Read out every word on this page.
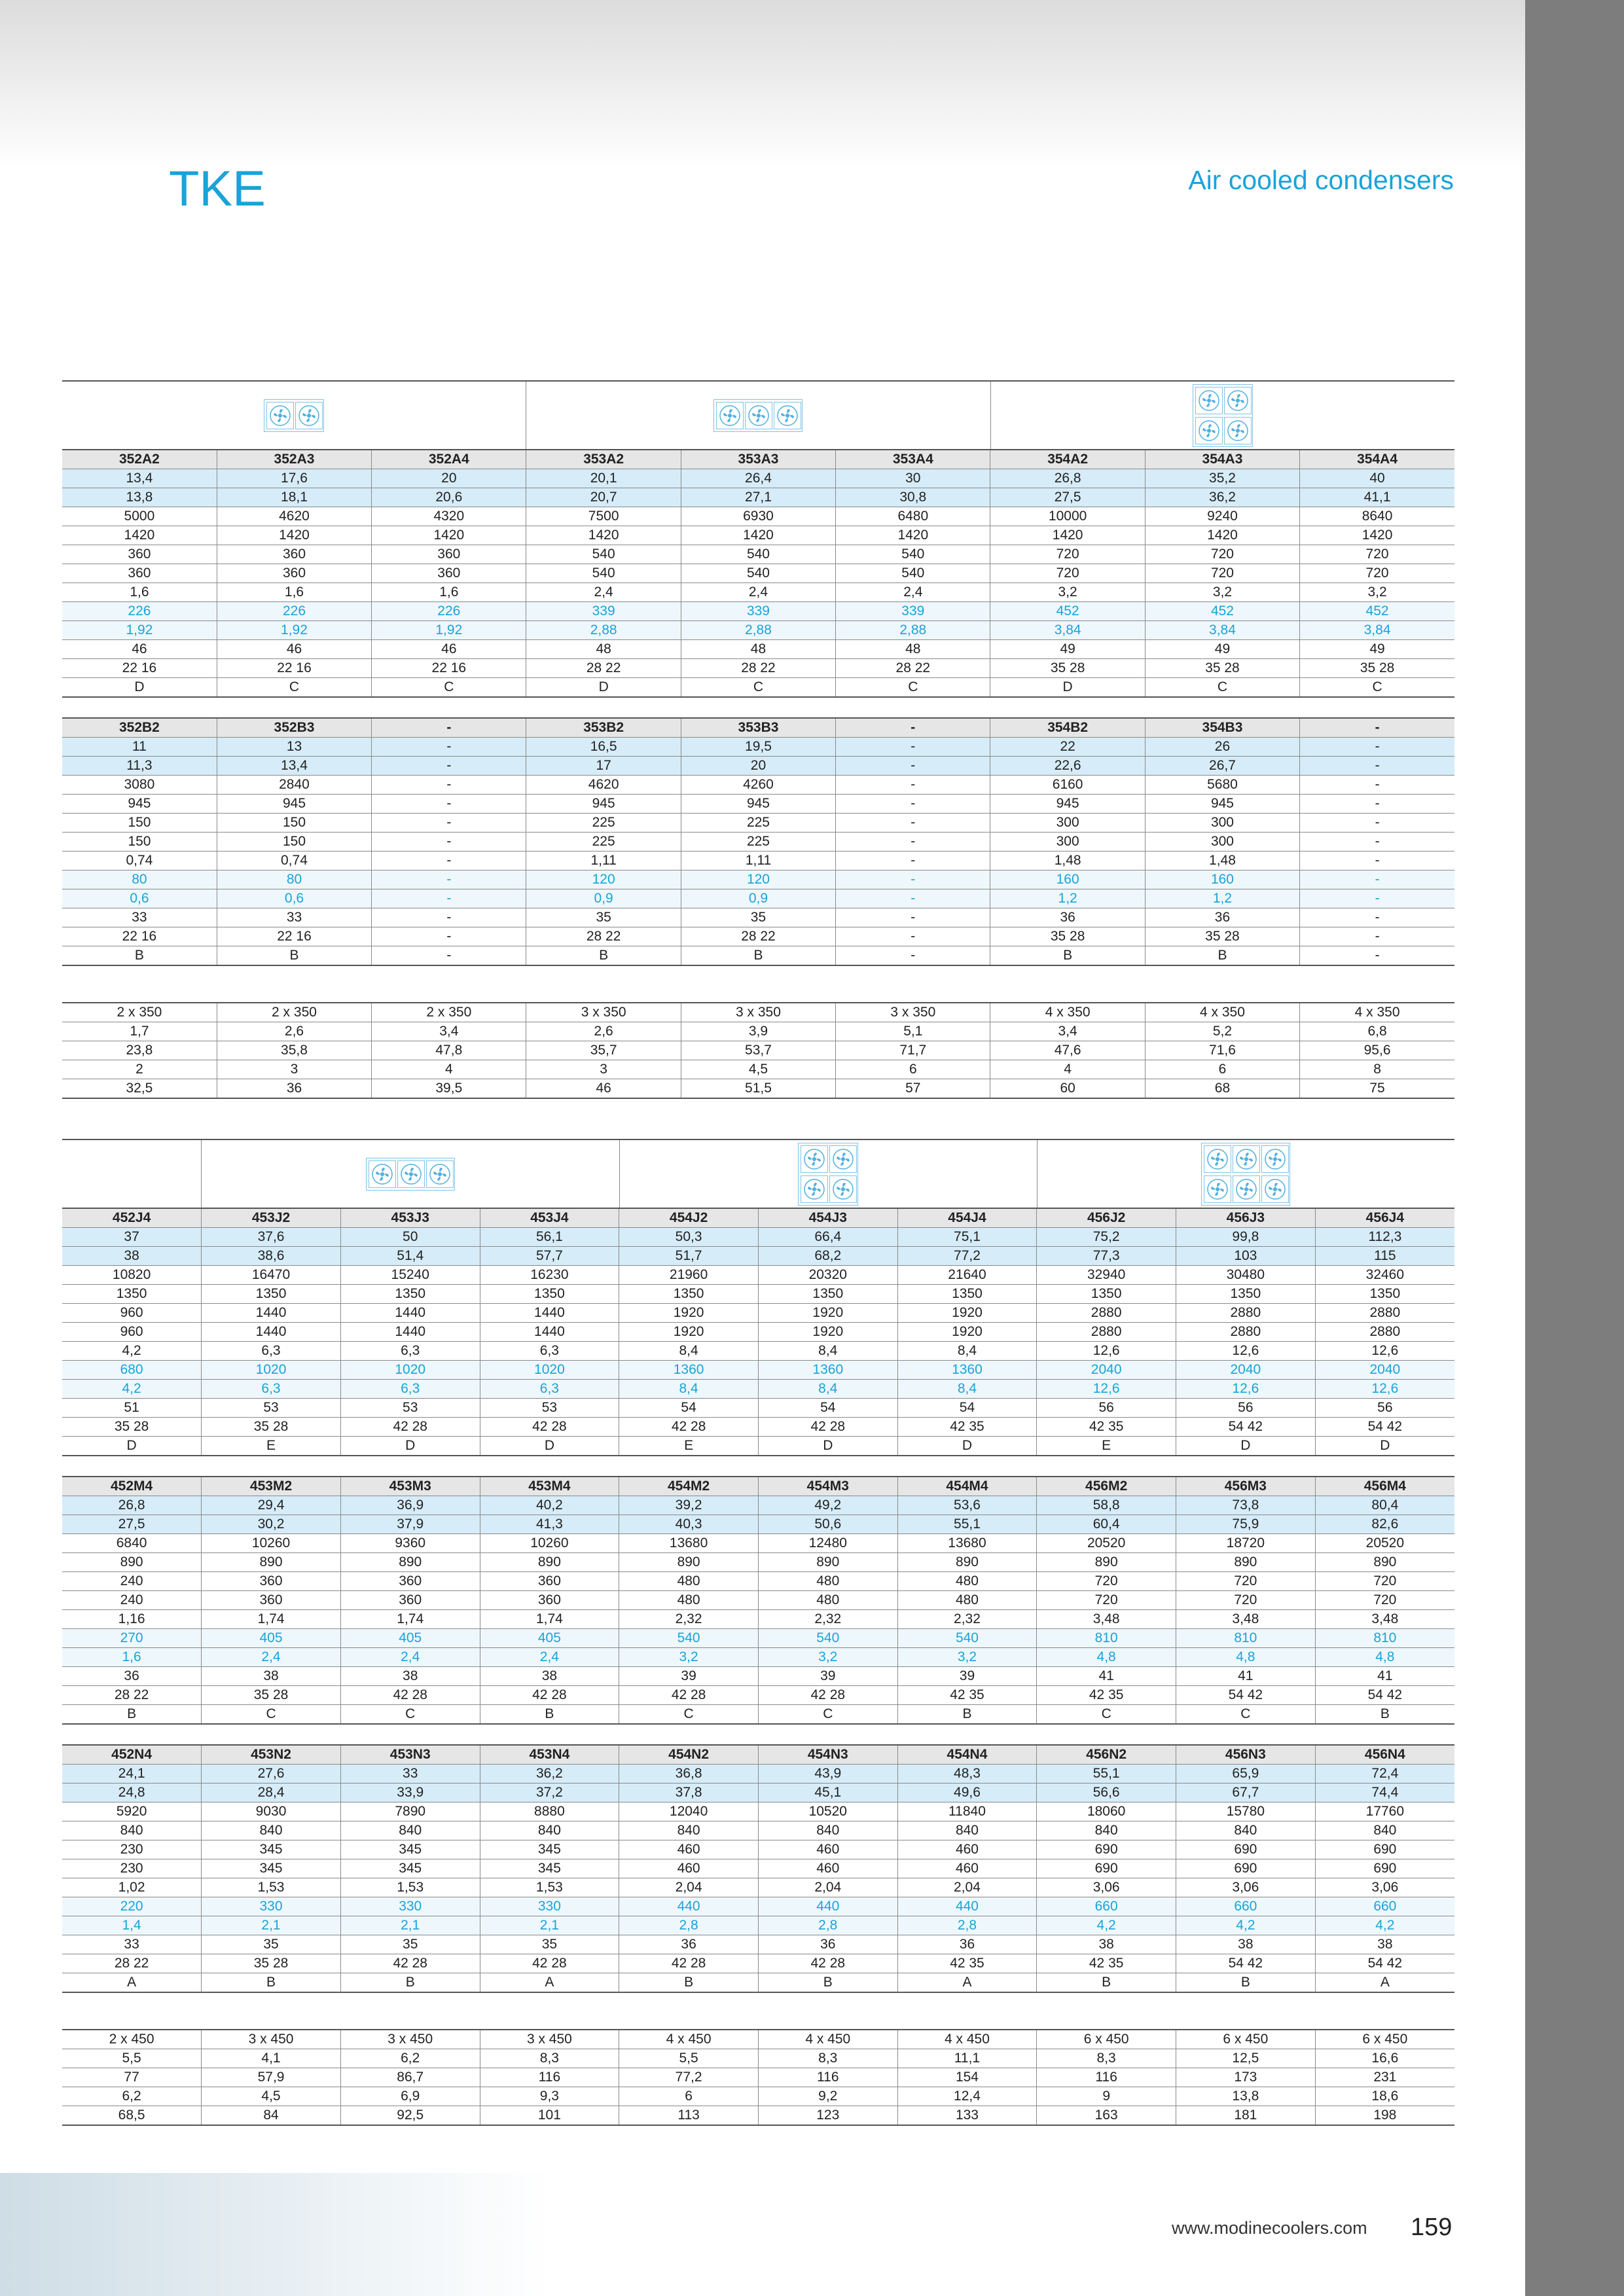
TKE	Air cooled condensers
352A2	352A3	352A4	353A2	353A3	353A4	354A2	354A3	354A4
13,4	17,6	20	20,1	26,4	30	26,8	35,2	40
13,8	18,1	20,6	20,7	27,1	30,8	27,5	36,2	41,1
5000	4620	4320	7500	6930	6480	10000	9240	8640
1420	1420	1420	1420	1420	1420	1420	1420	1420
360	360	360	540	540	540	720	720	720
360	360	360	540	540	540	720	720	720
1,6	1,6	1,6	2,4	2,4	2,4	3,2	3,2	3,2
226	226	226	339	339	339	452	452	452
1,92	1,92	1,92	2,88	2,88	2,88	3,84	3,84	3,84
46	46	46	48	48	48	49	49	49
22 16	22 16	22 16	28 22	28 22	28 22	35 28	35 28	35 28
D	C	C	D	C	C	D	C	C
352B2	352B3	-	353B2	353B3	-	354B2	354B3	-
11	13	-	16,5	19,5	-	22	26	-
11,3	13,4	-	17	20	-	22,6	26,7	-
3080	2840	-	4620	4260	-	6160	5680	-
945	945	-	945	945	-	945	945	-
150	150	-	225	225	-	300	300	-
150	150	-	225	225	-	300	300	-
0,74	0,74	-	1,11	1,11	-	1,48	1,48	-
80	80	-	120	120	-	160	160	-
0,6	0,6	-	0,9	0,9	-	1,2	1,2	-
33	33	-	35	35	-	36	36	-
22 16	22 16	-	28 22	28 22	-	35 28	35 28	-
B	B	-	B	B	-	B	B	-
2 x 350	2 x 350	2 x 350	3 x 350	3 x 350	3 x 350	4 x 350	4 x 350	4 x 350
1,7	2,6	3,4	2,6	3,9	5,1	3,4	5,2	6,8
23,8	35,8	47,8	35,7	53,7	71,7	47,6	71,6	95,6
2	3	4	3	4,5	6	4	6	8
32,5	36	39,5	46	51,5	57	60	68	75
452J4	453J2	453J3	453J4	454J2	454J3	454J4	456J2	456J3	456J4
37	37,6	50	56,1	50,3	66,4	75,1	75,2	99,8	112,3
38	38,6	51,4	57,7	51,7	68,2	77,2	77,3	103	115
10820	16470	15240	16230	21960	20320	21640	32940	30480	32460
1350	1350	1350	1350	1350	1350	1350	1350	1350	1350
960	1440	1440	1440	1920	1920	1920	2880	2880	2880
960	1440	1440	1440	1920	1920	1920	2880	2880	2880
4,2	6,3	6,3	6,3	8,4	8,4	8,4	12,6	12,6	12,6
680	1020	1020	1020	1360	1360	1360	2040	2040	2040
4,2	6,3	6,3	6,3	8,4	8,4	8,4	12,6	12,6	12,6
51	53	53	53	54	54	54	56	56	56
35 28	35 28	42 28	42 28	42 28	42 28	42 35	42 35	54 42	54 42
D	E	D	D	E	D	D	E	D	D
452M4	453M2	453M3	453M4	454M2	454M3	454M4	456M2	456M3	456M4
26,8	29,4	36,9	40,2	39,2	49,2	53,6	58,8	73,8	80,4
27,5	30,2	37,9	41,3	40,3	50,6	55,1	60,4	75,9	82,6
6840	10260	9360	10260	13680	12480	13680	20520	18720	20520
890	890	890	890	890	890	890	890	890	890
240	360	360	360	480	480	480	720	720	720
240	360	360	360	480	480	480	720	720	720
1,16	1,74	1,74	1,74	2,32	2,32	2,32	3,48	3,48	3,48
270	405	405	405	540	540	540	810	810	810
1,6	2,4	2,4	2,4	3,2	3,2	3,2	4,8	4,8	4,8
36	38	38	38	39	39	39	41	41	41
28 22	35 28	42 28	42 28	42 28	42 28	42 35	42 35	54 42	54 42
B	C	C	B	C	C	B	C	C	B
452N4	453N2	453N3	453N4	454N2	454N3	454N4	456N2	456N3	456N4
24,1	27,6	33	36,2	36,8	43,9	48,3	55,1	65,9	72,4
24,8	28,4	33,9	37,2	37,8	45,1	49,6	56,6	67,7	74,4
5920	9030	7890	8880	12040	10520	11840	18060	15780	17760
840	840	840	840	840	840	840	840	840	840
230	345	345	345	460	460	460	690	690	690
230	345	345	345	460	460	460	690	690	690
1,02	1,53	1,53	1,53	2,04	2,04	2,04	3,06	3,06	3,06
220	330	330	330	440	440	440	660	660	660
1,4	2,1	2,1	2,1	2,8	2,8	2,8	4,2	4,2	4,2
33	35	35	35	36	36	36	38	38	38
28 22	35 28	42 28	42 28	42 28	42 28	42 35	42 35	54 42	54 42
A	B	B	A	B	B	A	B	B	A
2 x 450	3 x 450	3 x 450	3 x 450	4 x 450	4 x 450	4 x 450	6 x 450	6 x 450	6 x 450
5,5	4,1	6,2	8,3	5,5	8,3	11,1	8,3	12,5	16,6
77	57,9	86,7	116	77,2	116	154	116	173	231
6,2	4,5	6,9	9,3	6	9,2	12,4	9	13,8	18,6
68,5	84	92,5	101	113	123	133	163	181	198
www.modinecoolers.com 159
